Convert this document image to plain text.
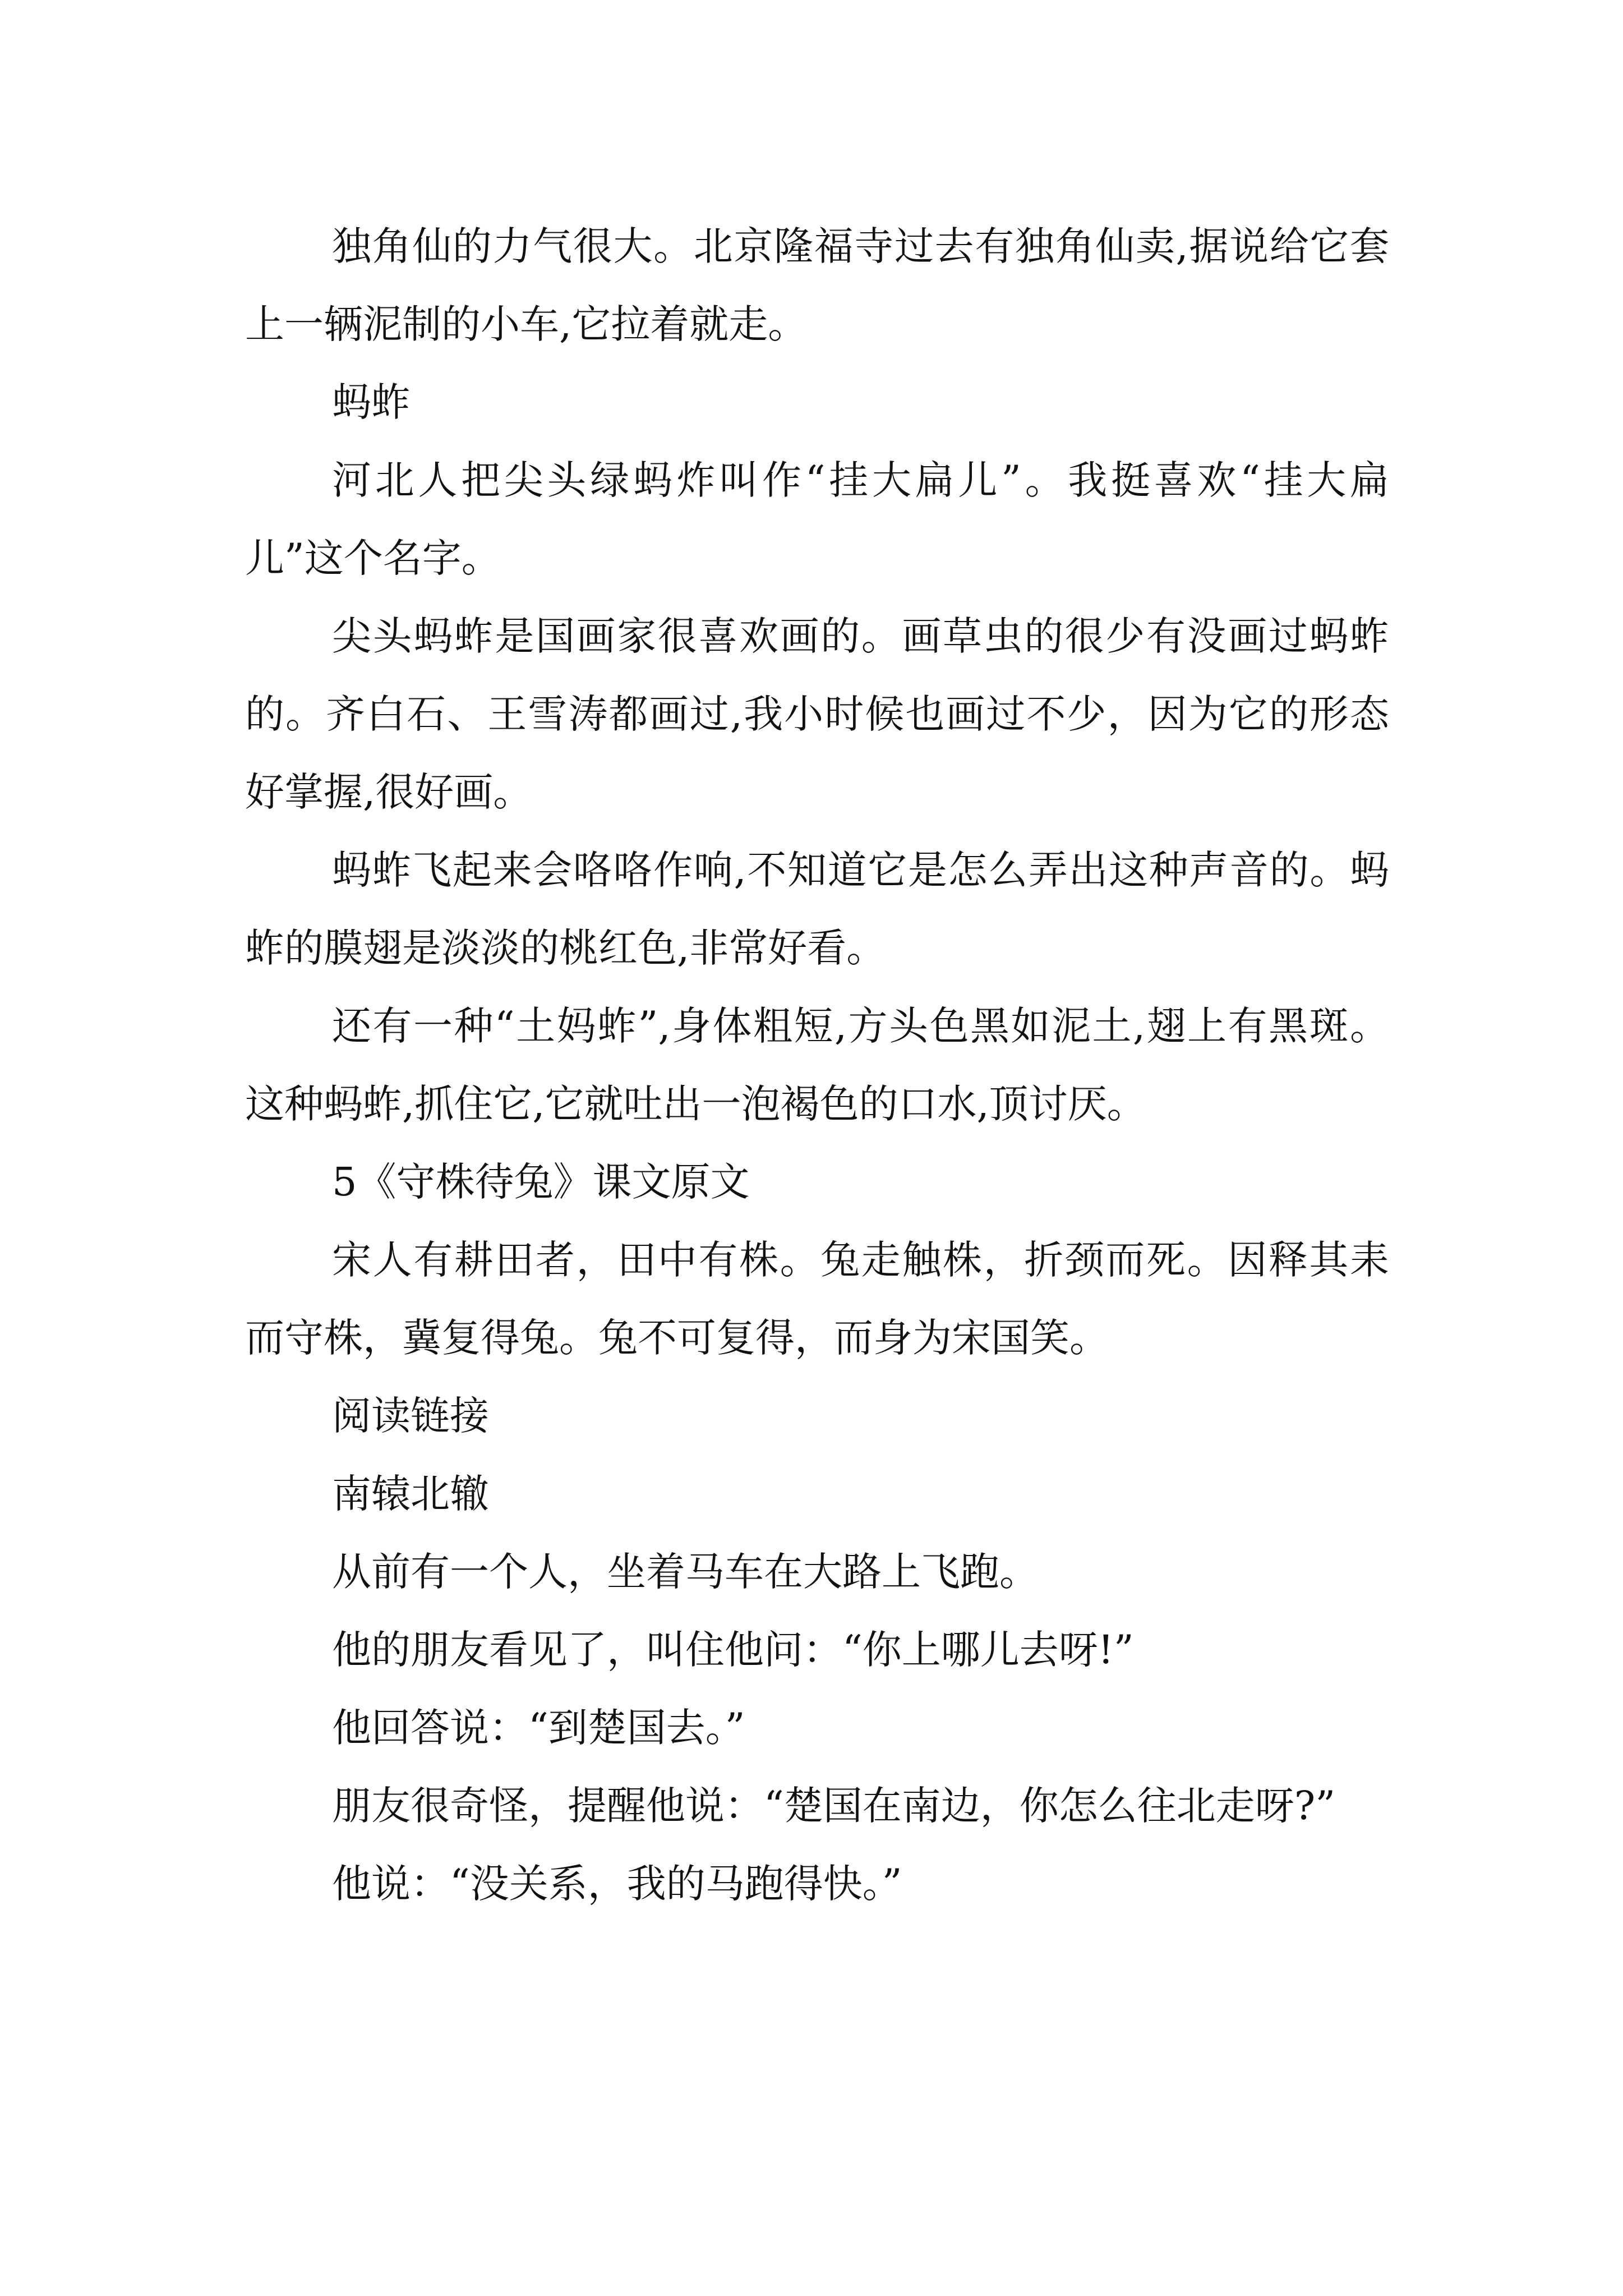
独角仙的力气很大。北京隆福寺过去有独角仙卖,据说给它套上一辆泥制的小车,它拉着就走。

蚂蚱

河北人把尖头绿蚂炸叫作“挂大扁儿”。我挺喜欢“挂大扁儿”这个名字。

尖头蚂蚱是国画家很喜欢画的。画草虫的很少有没画过蚂蚱的。齐白石、王雪涛都画过,我小时候也画过不少，因为它的形态好掌握,很好画。

蚂蚱飞起来会咯咯作响,不知道它是怎么弄出这种声音的。蚂蚱的膜翅是淡淡的桃红色,非常好看。

还有一种“土妈蚱”,身体粗短,方头色黑如泥土,翅上有黑斑。这种蚂蚱,抓住它,它就吐出一泡褐色的口水,顶讨厌。

5《守株待兔》课文原文

宋人有耕田者，田中有株。兔走触株，折颈而死。因释其耒而守株，冀复得兔。兔不可复得，而身为宋国笑。

阅读链接

南辕北辙

从前有一个人，坐着马车在大路上飞跑。

他的朋友看见了，叫住他问：“你上哪儿去呀!”

他回答说：“到楚国去。”

朋友很奇怪，提醒他说：“楚国在南边，你怎么往北走呀?”

他说：“没关系，我的马跑得快。”
